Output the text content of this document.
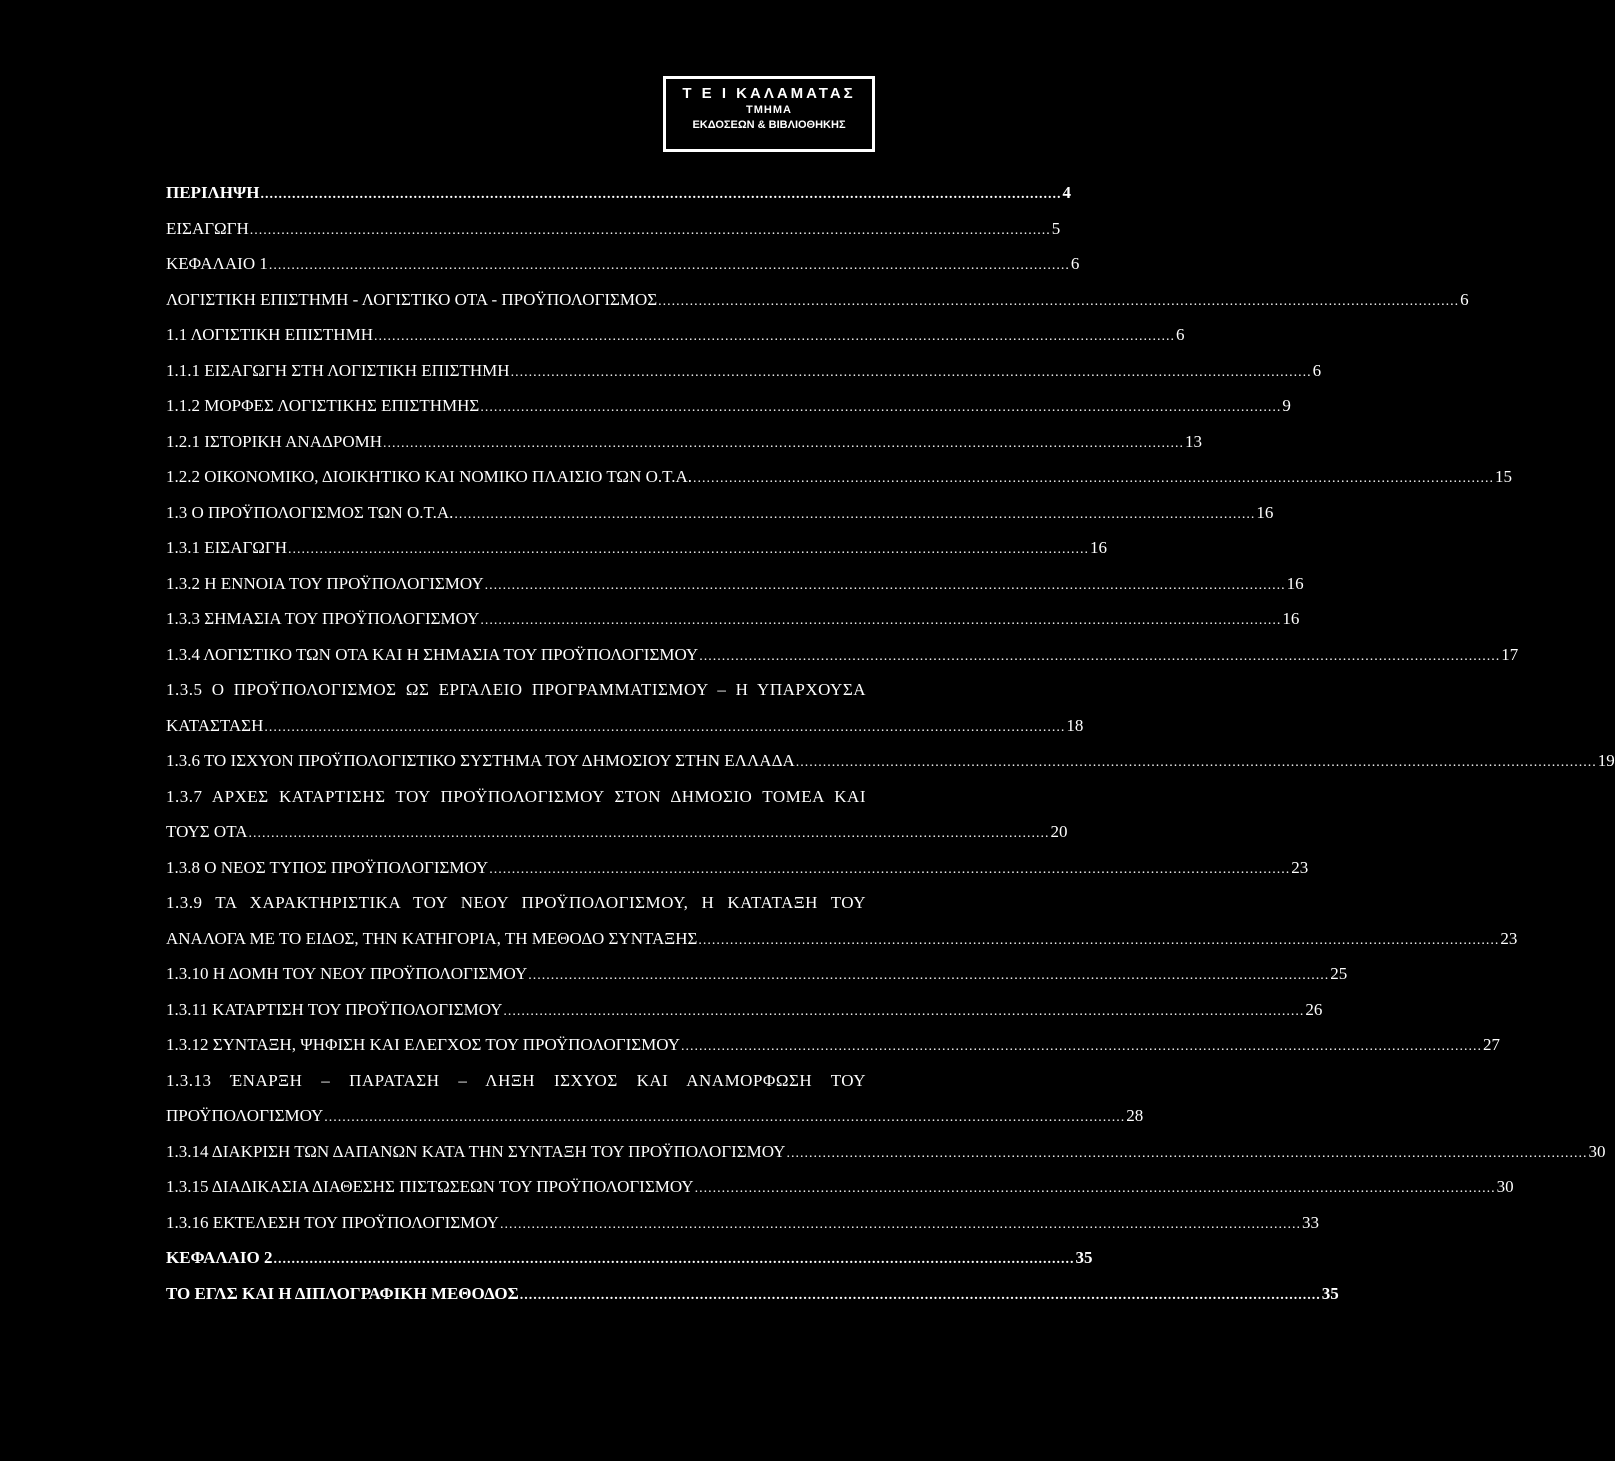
Τ Ε Ι ΚΑΛΑΜΑΤΑΣ
ΤΜΗΜΑ
ΕΚΔΟΣΕΩΝ & ΒΙΒΛΙΟΘΗΚΗΣ
ΠΕΡΙΛΗΨΗ .....	4
ΕΙΣΑΓΩΓΗ .....	5
ΚΕΦΑΛΑΙΟ 1 .....	6
ΛΟΓΙΣΤΙΚΗ ΕΠΙΣΤΗΜΗ - ΛΟΓΙΣΤΙΚΟ ΟΤΑ - ΠΡΟΫΠΟΛΟΓΙΣΜΟΣ .....	6
1.1 ΛΟΓΙΣΤΙΚΗ ΕΠΙΣΤΗΜΗ .....	6
1.1.1 ΕΙΣΑΓΩΓΗ ΣΤΗ ΛΟΓΙΣΤΙΚΗ ΕΠΙΣΤΗΜΗ .....	6
1.1.2 ΜΟΡΦΕΣ ΛΟΓΙΣΤΙΚΗΣ ΕΠΙΣΤΗΜΗΣ .....	9
1.2.1 ΙΣΤΟΡΙΚΗ ΑΝΑΔΡΟΜΗ .....	13
1.2.2 ΟΙΚΟΝΟΜΙΚΟ, ΔΙΟΙΚΗΤΙΚΟ ΚΑΙ ΝΟΜΙΚΟ ΠΛΑΙΣΙΟ ΤΩΝ Ο.Τ.Α. .....	15
1.3 Ο ΠΡΟΫΠΟΛΟΓΙΣΜΟΣ ΤΩΝ Ο.Τ.Α. .....	16
1.3.1 ΕΙΣΑΓΩΓΗ .....	16
1.3.2 Η ΕΝΝΟΙΑ ΤΟΥ ΠΡΟΫΠΟΛΟΓΙΣΜΟΥ .....	16
1.3.3 ΣΗΜΑΣΙΑ ΤΟΥ ΠΡΟΫΠΟΛΟΓΙΣΜΟΥ .....	16
1.3.4 ΛΟΓΙΣΤΙΚΟ ΤΩΝ ΟΤΑ ΚΑΙ Η ΣΗΜΑΣΙΑ ΤΟΥ ΠΡΟΫΠΟΛΟΓΙΣΜΟΥ .....	17
1.3.5 Ο ΠΡΟΫΠΟΛΟΓΙΣΜΟΣ ΩΣ ΕΡΓΑΛΕΙΟ ΠΡΟΓΡΑΜΜΑΤΙΣΜΟΥ – Η ΥΠΑΡΧΟΥΣΑ
ΚΑΤΑΣΤΑΣΗ .....	18
1.3.6 ΤΟ ΙΣΧΥΟΝ ΠΡΟΫΠΟΛΟΓΙΣΤΙΚΟ ΣΥΣΤΗΜΑ ΤΟΥ ΔΗΜΟΣΙΟΥ ΣΤΗΝ ΕΛΛΑΔΑ .....	19
1.3.7 ΑΡΧΕΣ ΚΑΤΑΡΤΙΣΗΣ ΤΟΥ ΠΡΟΫΠΟΛΟΓΙΣΜΟΥ ΣΤΟΝ ΔΗΜΟΣΙΟ ΤΟΜΕΑ ΚΑΙ
ΤΟΥΣ ΟΤΑ .....	20
1.3.8 Ο ΝΕΟΣ ΤΥΠΟΣ ΠΡΟΫΠΟΛΟΓΙΣΜΟΥ .....	23
1.3.9 ΤΑ ΧΑΡΑΚΤΗΡΙΣΤΙΚΑ ΤΟΥ ΝΕΟΥ ΠΡΟΫΠΟΛΟΓΙΣΜΟΥ, Η ΚΑΤΑΤΑΞΗ ΤΟΥ
ΑΝΑΛΟΓΑ ΜΕ ΤΟ ΕΙΔΟΣ, ΤΗΝ ΚΑΤΗΓΟΡΙΑ, ΤΗ ΜΕΘΟΔΟ ΣΥΝΤΑΞΗΣ .....	23
1.3.10 Η ΔΟΜΗ ΤΟΥ ΝΕΟΥ ΠΡΟΫΠΟΛΟΓΙΣΜΟΥ .....	25
1.3.11 ΚΑΤΑΡΤΙΣΗ ΤΟΥ ΠΡΟΫΠΟΛΟΓΙΣΜΟΥ .....	26
1.3.12 ΣΥΝΤΑΞΗ, ΨΗΦΙΣΗ ΚΑΙ ΕΛΕΓΧΟΣ ΤΟΥ ΠΡΟΫΠΟΛΟΓΙΣΜΟΥ .....	27
1.3.13 ΈΝΑΡΞΗ – ΠΑΡΑΤΑΣΗ – ΛΗΞΗ ΙΣΧΥΟΣ ΚΑΙ ΑΝΑΜΟΡΦΩΣΗ ΤΟΥ
ΠΡΟΫΠΟΛΟΓΙΣΜΟΥ .....	28
1.3.14 ΔΙΑΚΡΙΣΗ ΤΩΝ ΔΑΠΑΝΩΝ ΚΑΤΑ ΤΗΝ ΣΥΝΤΑΞΗ ΤΟΥ ΠΡΟΫΠΟΛΟΓΙΣΜΟΥ .....	30
1.3.15 ΔΙΑΔΙΚΑΣΙΑ ΔΙΑΘΕΣΗΣ ΠΙΣΤΩΣΕΩΝ ΤΟΥ ΠΡΟΫΠΟΛΟΓΙΣΜΟΥ .....	30
1.3.16 ΕΚΤΕΛΕΣΗ ΤΟΥ ΠΡΟΫΠΟΛΟΓΙΣΜΟΥ .....	33
ΚΕΦΑΛΑΙΟ 2 .....	35
ΤΟ ΕΓΛΣ ΚΑΙ Η ΔΙΠΛΟΓΡΑΦΙΚΗ ΜΕΘΟΔΟΣ .....	35
